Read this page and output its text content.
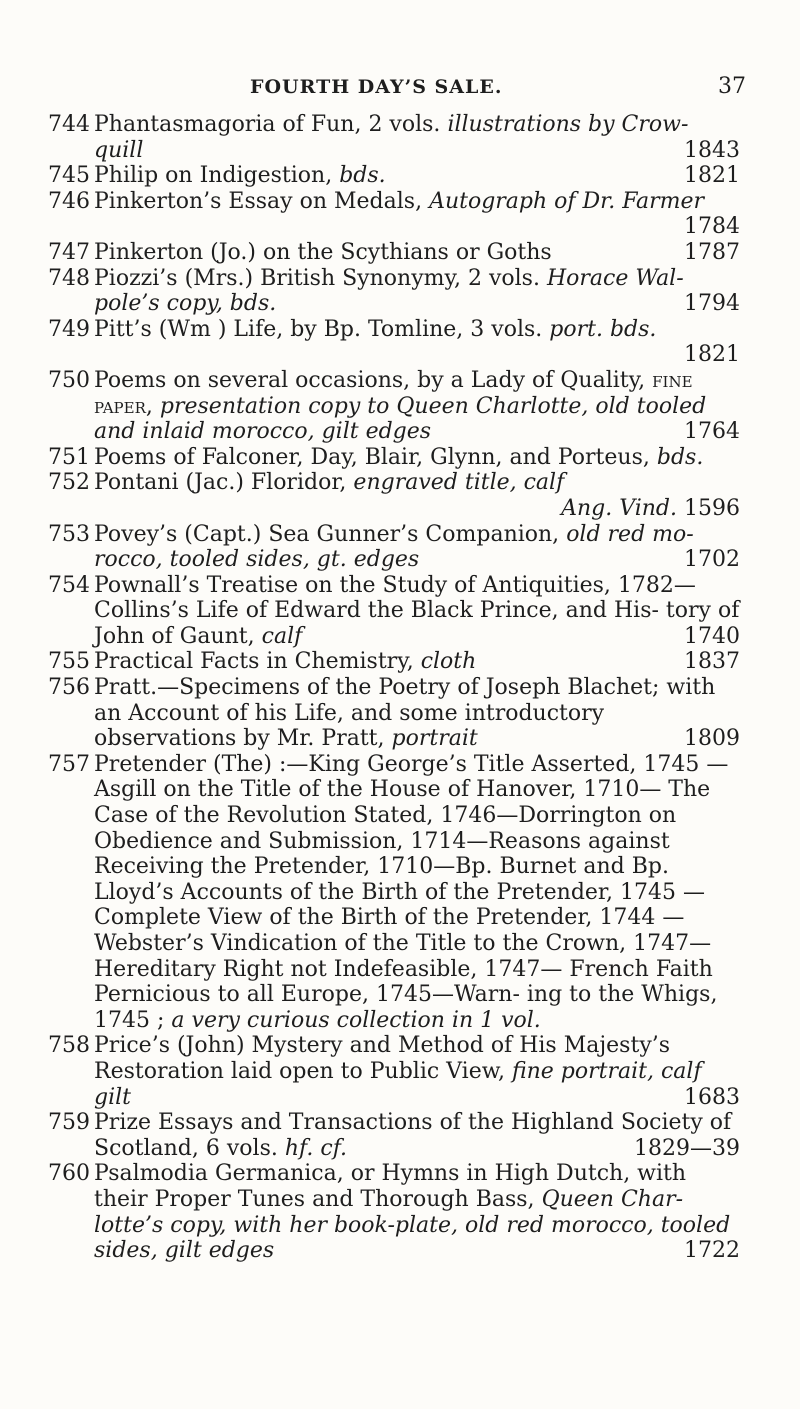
FOURTH DAY’S SALE.	37
744 Phantasmagoria of Fun, 2 vols. illustrations by Crow-
quill	1843
745 Philip on Indigestion, bds.	1821
746 Pinkerton’s Essay on Medals, Autograph of Dr. Farmer
1784
747 Pinkerton (Jo.) on the Scythians or Goths	1787
748 Piozzi’s (Mrs.) British Synonymy, 2 vols. Horace Wal-
pole’s copy, bds.	1794
749 Pitt’s (Wm ) Life, by Bp. Tomline, 3 vols. port. bds.
1821
750 Poems on several occasions, by a Lady of Quality, fine paper, presentation copy to Queen Charlotte, old tooled and inlaid morocco, gilt edges	1764
751 Poems of Falconer, Day, Blair, Glynn, and Porteus, bds.
752 Pontani (Jac.) Floridor, engraved title, calf
Ang. Vind. 1596
753 Povey’s (Capt.) Sea Gunner’s Companion, old red mo- rocco, tooled sides, gt. edges	1702
754 Pownall’s Treatise on the Study of Antiquities, 1782— Collins’s Life of Edward the Black Prince, and His- tory of John of Gaunt, calf	1740
755 Practical Facts in Chemistry, cloth	1837
756 Pratt.—Specimens of the Poetry of Joseph Blachet; with an Account of his Life, and some introductory observations by Mr. Pratt, portrait	1809
757 Pretender (The) :—King George’s Title Asserted, 1745 —Asgill on the Title of the House of Hanover, 1710— The Case of the Revolution Stated, 1746—Dorrington on Obedience and Submission, 1714—Reasons against Receiving the Pretender, 1710—Bp. Burnet and Bp. Lloyd’s Accounts of the Birth of the Pretender, 1745 —Complete View of the Birth of the Pretender, 1744 —Webster’s Vindication of the Title to the Crown, 1747—Hereditary Right not Indefeasible, 1747— French Faith Pernicious to all Europe, 1745—Warn- ing to the Whigs, 1745 ; a very curious collection in 1 vol.
758 Price’s (John) Mystery and Method of His Majesty’s Restoration laid open to Public View, fine portrait, calf gilt	1683
759 Prize Essays and Transactions of the Highland Society of Scotland, 6 vols. hf. cf.	1829—39
760 Psalmodia Germanica, or Hymns in High Dutch, with their Proper Tunes and Thorough Bass, Queen Char- lotte’s copy, with her book-plate, old red morocco, tooled sides, gilt edges	1722
